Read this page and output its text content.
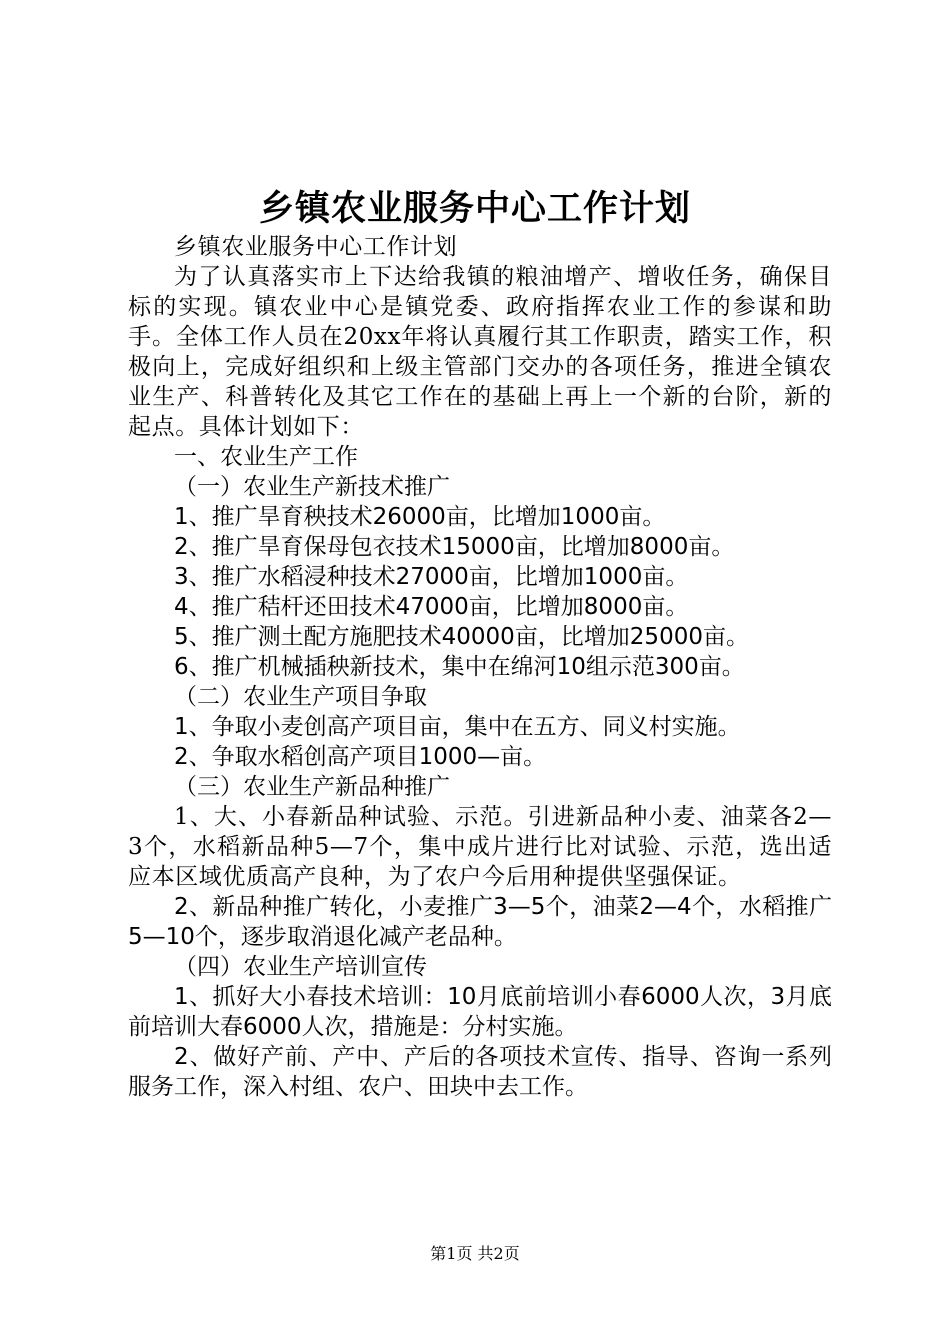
乡镇农业服务中心工作计划

乡镇农业服务中心工作计划

为了认真落实市上下达给我镇的粮油增产、增收任务，确保目标的实现。镇农业中心是镇党委、政府指挥农业工作的参谋和助手。全体工作人员在20xx年将认真履行其工作职责，踏实工作，积极向上，完成好组织和上级主管部门交办的各项任务，推进全镇农业生产、科普转化及其它工作在的基础上再上一个新的台阶，新的起点。具体计划如下：

一、农业生产工作

（一）农业生产新技术推广

1、推广旱育秧技术26000亩，比增加1000亩。

2、推广旱育保母包衣技术15000亩，比增加8000亩。

3、推广水稻浸种技术27000亩，比增加1000亩。

4、推广秸杆还田技术47000亩，比增加8000亩。

5、推广测土配方施肥技术40000亩，比增加25000亩。

6、推广机械插秧新技术，集中在绵河10组示范300亩。

（二）农业生产项目争取

1、争取小麦创高产项目亩，集中在五方、同义村实施。

2、争取水稻创高产项目1000—亩。

（三）农业生产新品种推广

1、大、小春新品种试验、示范。引进新品种小麦、油菜各2—3个，水稻新品种5—7个，集中成片进行比对试验、示范，选出适应本区域优质高产良种，为了农户今后用种提供坚强保证。

2、新品种推广转化，小麦推广3—5个，油菜2—4个，水稻推广5—10个，逐步取消退化减产老品种。

（四）农业生产培训宣传

1、抓好大小春技术培训：10月底前培训小春6000人次，3月底前培训大春6000人次，措施是：分村实施。

2、做好产前、产中、产后的各项技术宣传、指导、咨询一系列服务工作，深入村组、农户、田块中去工作。

第1页 共2页
